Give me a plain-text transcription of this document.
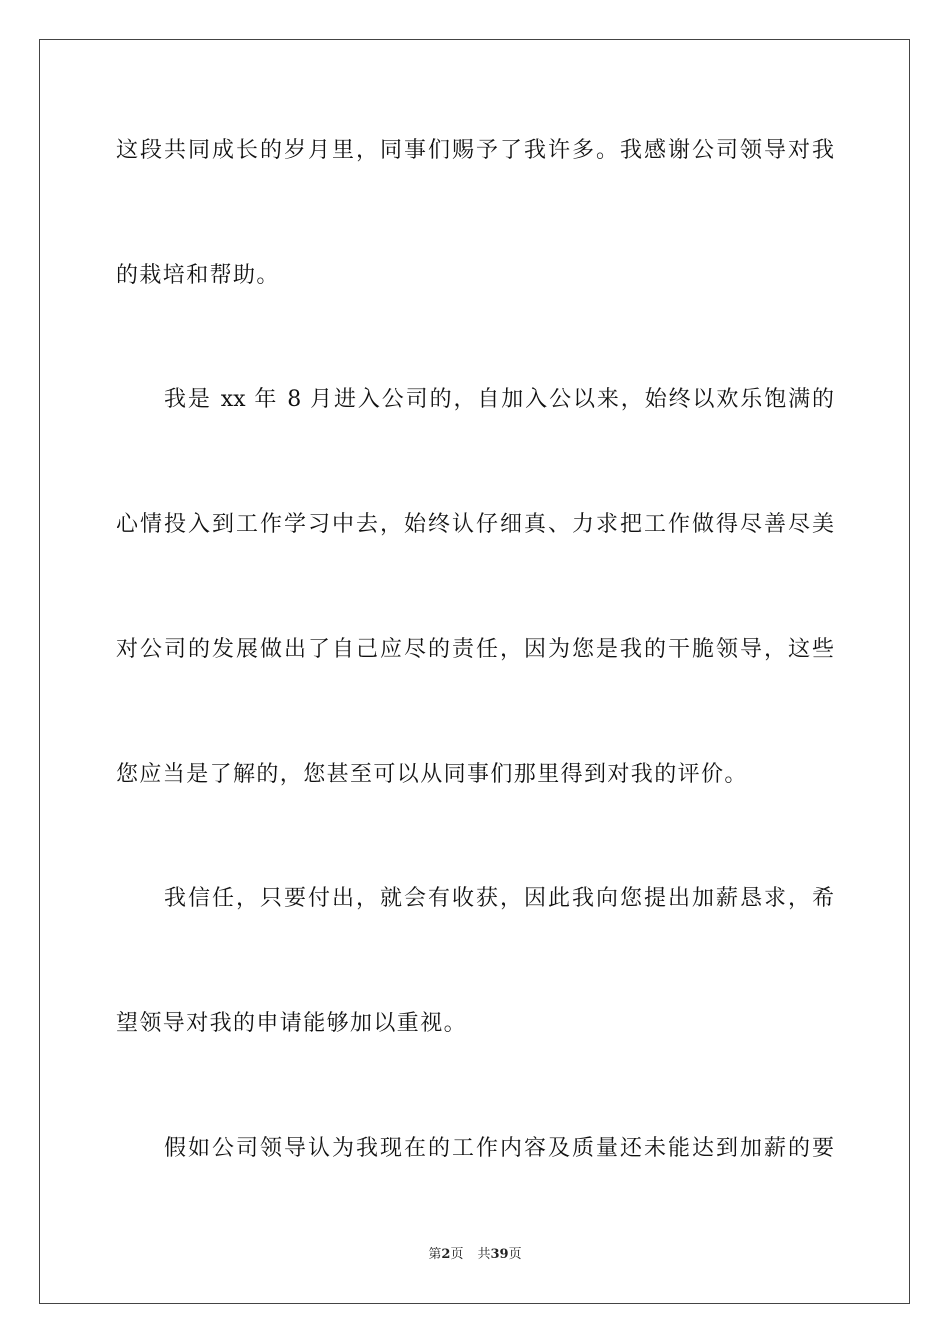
这段共同成长的岁月里，同事们赐予了我许多。我感谢公司领导对我
的栽培和帮助。
我是 xx 年 8 月进入公司的，自加入公以来，始终以欢乐饱满的
心情投入到工作学习中去，始终认仔细真、力求把工作做得尽善尽美
对公司的发展做出了自己应尽的责任，因为您是我的干脆领导，这些
您应当是了解的，您甚至可以从同事们那里得到对我的评价。
我信任，只要付出，就会有收获，因此我向您提出加薪恳求，希
望领导对我的申请能够加以重视。
假如公司领导认为我现在的工作内容及质量还未能达到加薪的要
第2页 共39页
